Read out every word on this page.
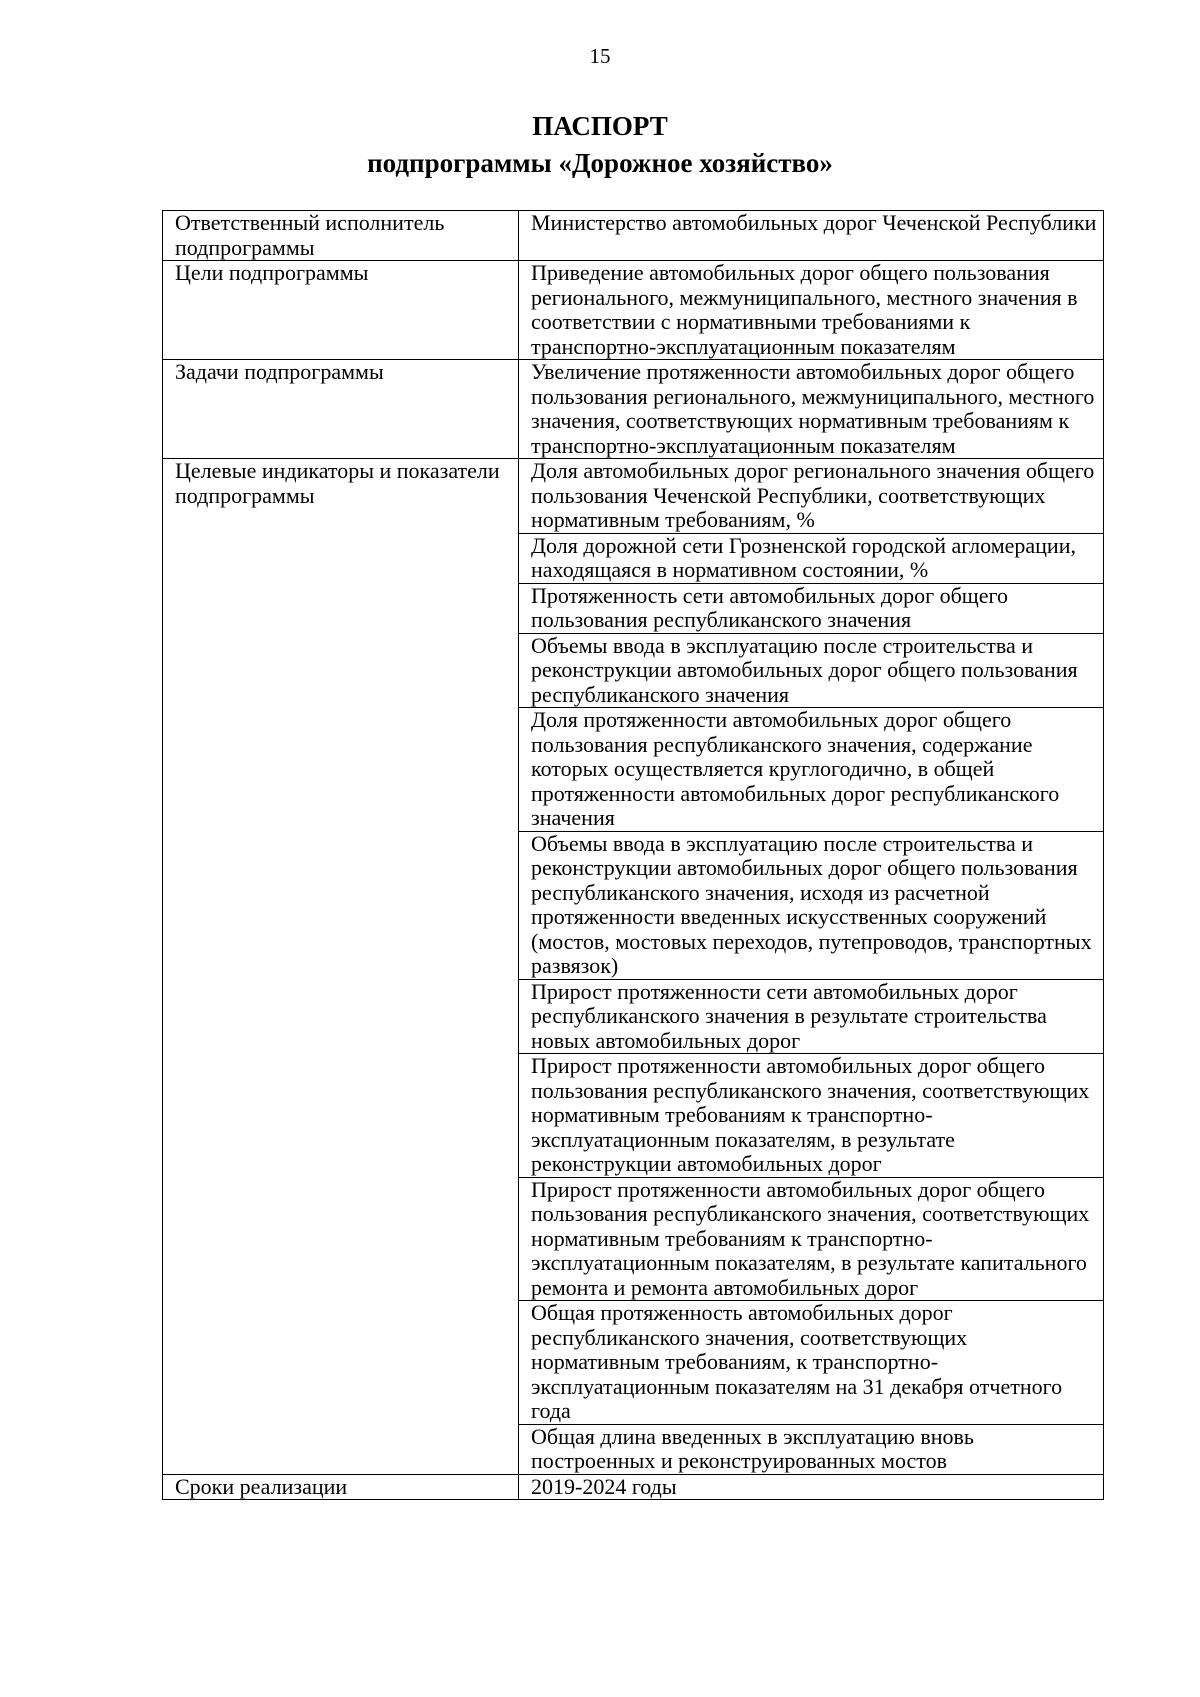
15
ПАСПОРТ
подпрограммы «Дорожное хозяйство»
Ответственный исполнитель подпрограммы	Министерство автомобильных дорог Чеченской Республики
Цели подпрограммы	Приведение автомобильных дорог общего пользования регионального, межмуниципального, местного значения в соответствии с нормативными требованиями к транспортно-эксплуатационным показателям
Задачи подпрограммы	Увеличение протяженности автомобильных дорог общего пользования регионального, межмуниципального, местного значения, соответствующих нормативным требованиям к транспортно-эксплуатационным показателям
Целевые индикаторы и показатели подпрограммы	Доля автомобильных дорог регионального значения общего пользования Чеченской Республики, соответствующих нормативным требованиям, %
	Доля дорожной сети Грозненской городской агломерации, находящаяся в нормативном состоянии, %
	Протяженность сети автомобильных дорог общего пользования республиканского значения
	Объемы ввода в эксплуатацию после строительства и реконструкции автомобильных дорог общего пользования республиканского значения
	Доля протяженности автомобильных дорог общего пользования республиканского значения, содержание которых осуществляется круглогодично, в общей протяженности автомобильных дорог республиканского значения
	Объемы ввода в эксплуатацию после строительства и реконструкции автомобильных дорог общего пользования республиканского значения, исходя из расчетной протяженности введенных искусственных сооружений (мостов, мостовых переходов, путепроводов, транспортных развязок)
	Прирост протяженности сети автомобильных дорог республиканского значения в результате строительства новых автомобильных дорог
	Прирост протяженности автомобильных дорог общего пользования республиканского значения, соответствующих нормативным требованиям к транспортно-эксплуатационным показателям, в результате реконструкции автомобильных дорог
	Прирост протяженности автомобильных дорог общего пользования республиканского значения, соответствующих нормативным требованиям к транспортно-эксплуатационным показателям, в результате капитального ремонта и ремонта автомобильных дорог
	Общая протяженность автомобильных дорог республиканского значения, соответствующих нормативным требованиям, к транспортно-эксплуатационным показателям на 31 декабря отчетного года
	Общая длина введенных в эксплуатацию вновь построенных и реконструированных мостов
Сроки реализации	2019-2024 годы
